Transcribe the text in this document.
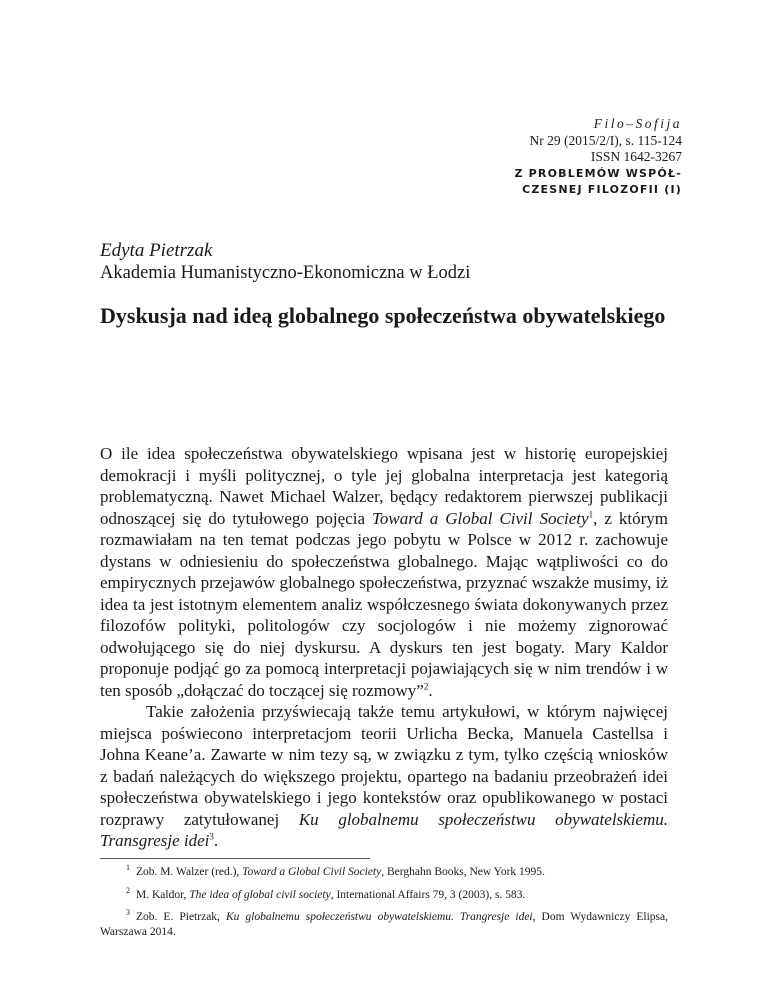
Filo–Sofija
Nr 29 (2015/2/I), s. 115-124
ISSN 1642-3267
Z PROBLEMÓW WSPÓŁ-
CZESNEJ FILOZOFII (I)
Edyta Pietrzak
Akademia Humanistyczno-Ekonomiczna w Łodzi
Dyskusja nad ideą globalnego społeczeństwa obywatelskiego

O ile idea społeczeństwa obywatelskiego wpisana jest w historię europejskiej demokracji i myśli politycznej, o tyle jej globalna interpretacja jest kategorią problematyczną. Nawet Michael Walzer, będący redaktorem pierwszej publikacji odnoszącej się do tytułowego pojęcia Toward a Global Civil Society$^1$, z którym rozmawiałam na ten temat podczas jego pobytu w Polsce w 2012 r. zachowuje dystans w odniesieniu do społeczeństwa globalnego. Mając wątpliwości co do empirycznych przejawów globalnego społeczeństwa, przyznać wszakże musimy, iż idea ta jest istotnym elementem analiz współczesnego świata dokonywanych przez filozofów polityki, politologów czy socjologów i nie możemy zignorować odwołującego się do niej dyskursu. A dyskurs ten jest bogaty. Mary Kaldor proponuje podjąć go za pomocą interpretacji pojawiających się w nim trendów i w ten sposób „dołączać do toczącej się rozmowy”$^2$.

Takie założenia przyświecają także temu artykułowi, w którym najwięcej miejsca poświecono interpretacjom teorii Urlicha Becka, Manuela Castellsa i Johna Keane’a. Zawarte w nim tezy są, w związku z tym, tylko częścią wniosków z badań należących do większego projektu, opartego na badaniu przeobrażeń idei społeczeństwa obywatelskiego i jego kontekstów oraz opublikowanego w postaci rozprawy zatytułowanej Ku globalnemu społeczeństwu obywatelskiemu. Transgresje idei$^3$.

$^1$ Zob. M. Walzer (red.), Toward a Global Civil Society, Berghahn Books, New York 1995.

$^2$ M. Kaldor, The idea of global civil society, International Affairs 79, 3 (2003), s. 583.

$^3$ Zob. E. Pietrzak, Ku globalnemu społeczeństwu obywatelskiemu. Trangresje idei, Dom Wydawniczy Elipsa, Warszawa 2014.
